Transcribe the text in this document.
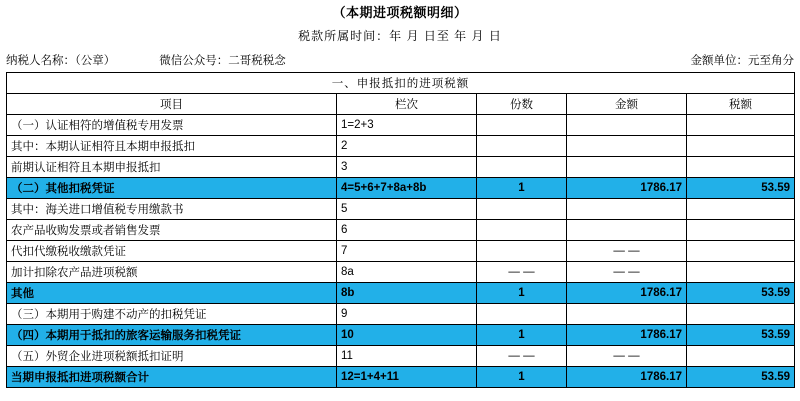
（本期进项税额明细）
税款所属时间：年 月 日至 年 月 日
纳税人名称：（公章）	微信公众号：二哥税税念	金额单位：元至角分
一、申报抵扣的进项税额				
项目	栏次	份数	金额	税额
（一）认证相符的增值税专用发票	1=2+3			
其中：本期认证相符且本期申报抵扣	2			
前期认证相符且本期申报抵扣	3			
（二）其他扣税凭证	4=5+6+7+8a+8b	1	1786.17	53.59
其中：海关进口增值税专用缴款书	5			
农产品收购发票或者销售发票	6			
代扣代缴税收缴款凭证	7		— —	
加计扣除农产品进项税额	8a	— —	— —	
其他	8b	1	1786.17	53.59
（三）本期用于购建不动产的扣税凭证	9			
（四）本期用于抵扣的旅客运输服务扣税凭证	10	1	1786.17	53.59
（五）外贸企业进项税额抵扣证明	11	— —	— —	
当期申报抵扣进项税额合计	12=1+4+11	1	1786.17	53.59
